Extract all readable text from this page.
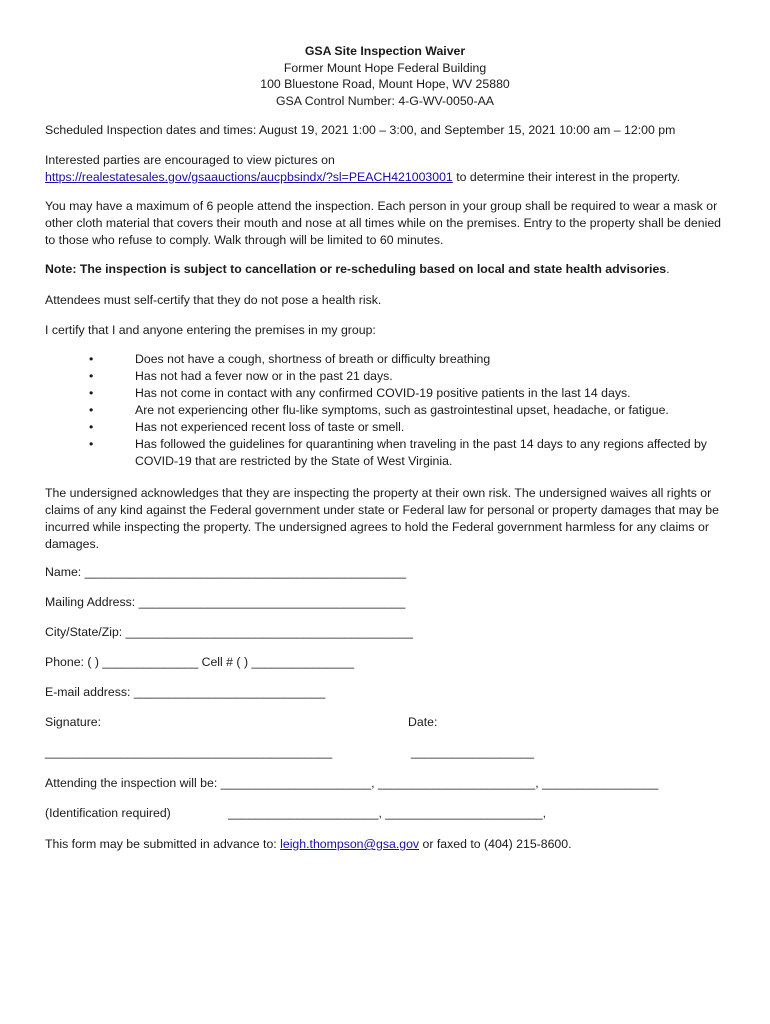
GSA Site Inspection Waiver
Former Mount Hope Federal Building
100 Bluestone Road, Mount Hope, WV 25880
GSA Control Number: 4-G-WV-0050-AA

Scheduled Inspection dates and times: August 19, 2021 1:00 – 3:00, and September 15, 2021 10:00 am – 12:00 pm

Interested parties are encouraged to view pictures on
https://realestatesales.gov/gsaauctions/aucpbsindx/?sl=PEACH421003001 to determine their interest in the property.

You may have a maximum of 6 people attend the inspection. Each person in your group shall be required to wear a mask or other cloth material that covers their mouth and nose at all times while on the premises. Entry to the property shall be denied to those who refuse to comply. Walk through will be limited to 60 minutes.

Note: The inspection is subject to cancellation or re-scheduling based on local and state health advisories.

Attendees must self-certify that they do not pose a health risk.

I certify that I and anyone entering the premises in my group:

•	Does not have a cough, shortness of breath or difficulty breathing
•	Has not had a fever now or in the past 21 days.
•	Has not come in contact with any confirmed COVID-19 positive patients in the last 14 days.
•	Are not experiencing other flu-like symptoms, such as gastrointestinal upset, headache, or fatigue.
•	Has not experienced recent loss of taste or smell.
•	Has followed the guidelines for quarantining when traveling in the past 14 days to any regions affected by COVID-19 that are restricted by the State of West Virginia.

The undersigned acknowledges that they are inspecting the property at their own risk. The undersigned waives all rights or claims of any kind against the Federal government under state or Federal law for personal or property damages that may be incurred while inspecting the property. The undersigned agrees to hold the Federal government harmless for any claims or damages.

Name: _______________________________________________
Mailing Address: _______________________________________
City/State/Zip: __________________________________________
Phone: ( ) ______________ Cell # ( ) _______________
E-mail address: ____________________________
Signature:	Date:
__________________________________________	__________________
Attending the inspection will be: ______________________, _______________________, _________________
(Identification required)	______________________, _______________________,

This form may be submitted in advance to: leigh.thompson@gsa.gov or faxed to (404) 215-8600.
